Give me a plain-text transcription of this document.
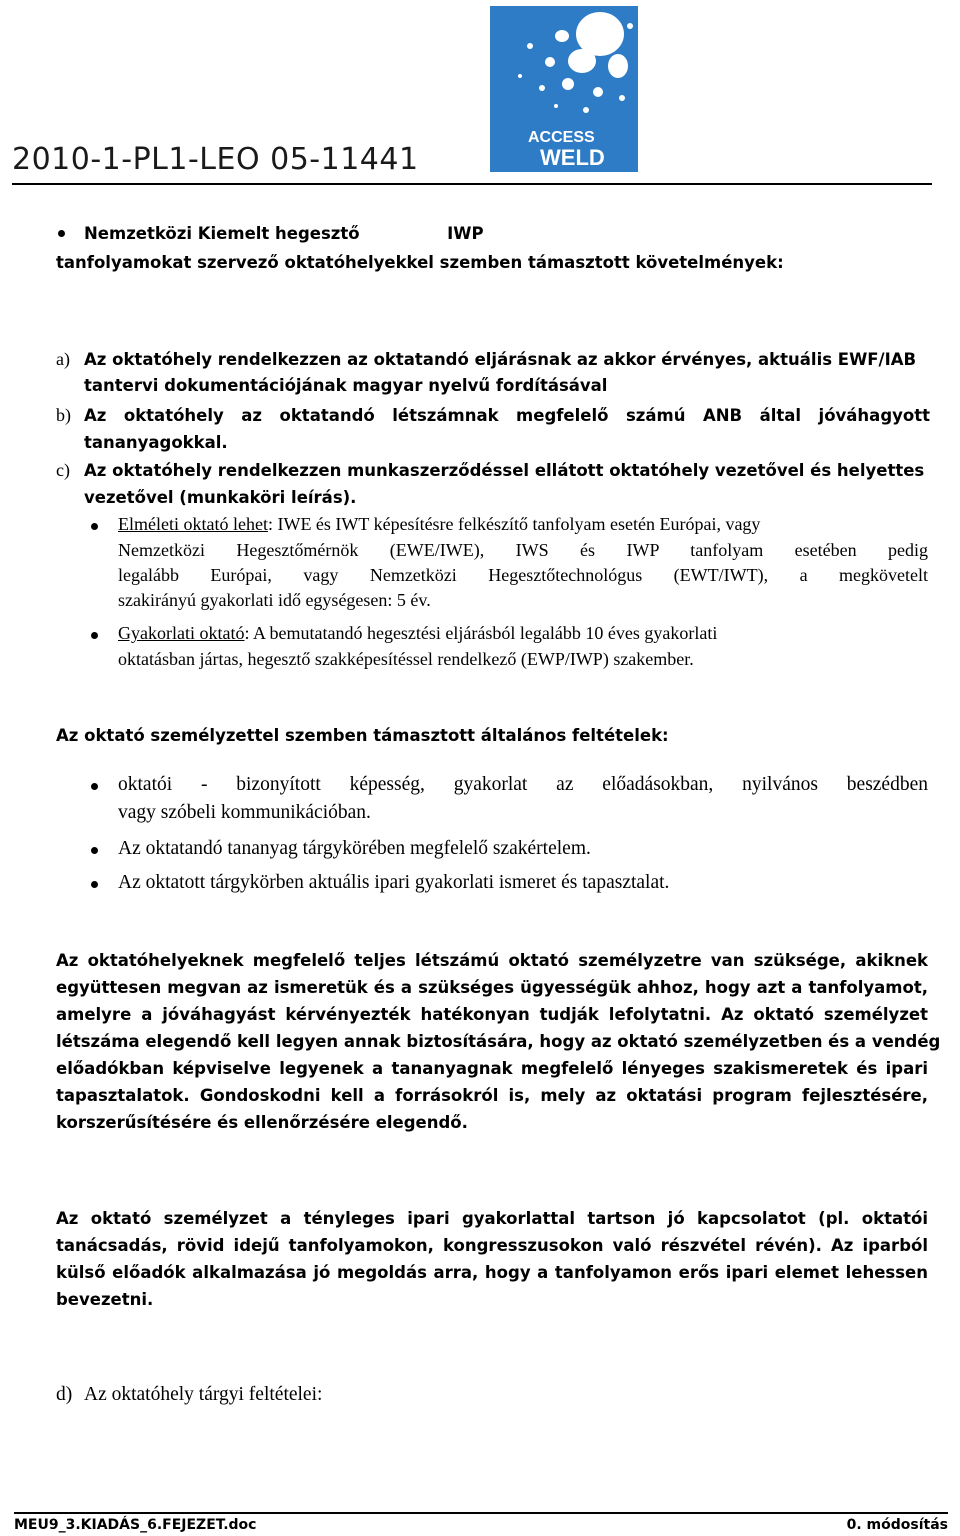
2010-1-PL1-LEO 05-11441
ACCESS
WELD
Nemzetközi Kiemelt hegesztő	IWP
tanfolyamokat szervező oktatóhelyekkel szemben támasztott követelmények:
a) Az oktatóhely rendelkezzen az oktatandó eljárásnak az akkor érvényes, aktuális EWF/IAB
tantervi dokumentációjának magyar nyelvű fordításával
b) Az oktatóhely az oktatandó létszámnak megfelelő számú ANB által jóváhagyott
tananyagokkal.
c) Az oktatóhely rendelkezzen munkaszerződéssel ellátott oktatóhely vezetővel és helyettes
vezetővel (munkaköri leírás).
Elméleti oktató lehet: IWE és IWT képesítésre felkészítő tanfolyam esetén Európai, vagy
Nemzetközi Hegesztőmérnök (EWE/IWE), IWS és IWP tanfolyam esetében pedig
legalább Európai, vagy Nemzetközi Hegesztőtechnológus (EWT/IWT), a megkövetelt
szakirányú gyakorlati idő egységesen: 5 év.
Gyakorlati oktató: A bemutatandó hegesztési eljárásból legalább 10 éves gyakorlati
oktatásban jártas, hegesztő szakképesítéssel rendelkező (EWP/IWP) szakember.
Az oktató személyzettel szemben támasztott általános feltételek:
oktatói - bizonyított képesség, gyakorlat az előadásokban, nyilvános beszédben
vagy szóbeli kommunikációban.
Az oktatandó tananyag tárgykörében megfelelő szakértelem.
Az oktatott tárgykörben aktuális ipari gyakorlati ismeret és tapasztalat.
Az oktatóhelyeknek megfelelő teljes létszámú oktató személyzetre van szüksége, akiknek
együttesen megvan az ismeretük és a szükséges ügyességük ahhoz, hogy azt a tanfolyamot,
amelyre a jóváhagyást kérvényezték hatékonyan tudják lefolytatni. Az oktató személyzet
létszáma elegendő kell legyen annak biztosítására, hogy az oktató személyzetben és a vendég
előadókban képviselve legyenek a tananyagnak megfelelő lényeges szakismeretek és ipari
tapasztalatok. Gondoskodni kell a forrásokról is, mely az oktatási program fejlesztésére,
korszerűsítésére és ellenőrzésére elegendő.
Az oktató személyzet a tényleges ipari gyakorlattal tartson jó kapcsolatot (pl. oktatói
tanácsadás, rövid idejű tanfolyamokon, kongresszusokon való részvétel révén). Az iparból
külső előadók alkalmazása jó megoldás arra, hogy a tanfolyamon erős ipari elemet lehessen
bevezetni.
d) Az oktatóhely tárgyi feltételei:
MEU9_3.KIADÁS_6.FEJEZET.doc	0. módosítás
